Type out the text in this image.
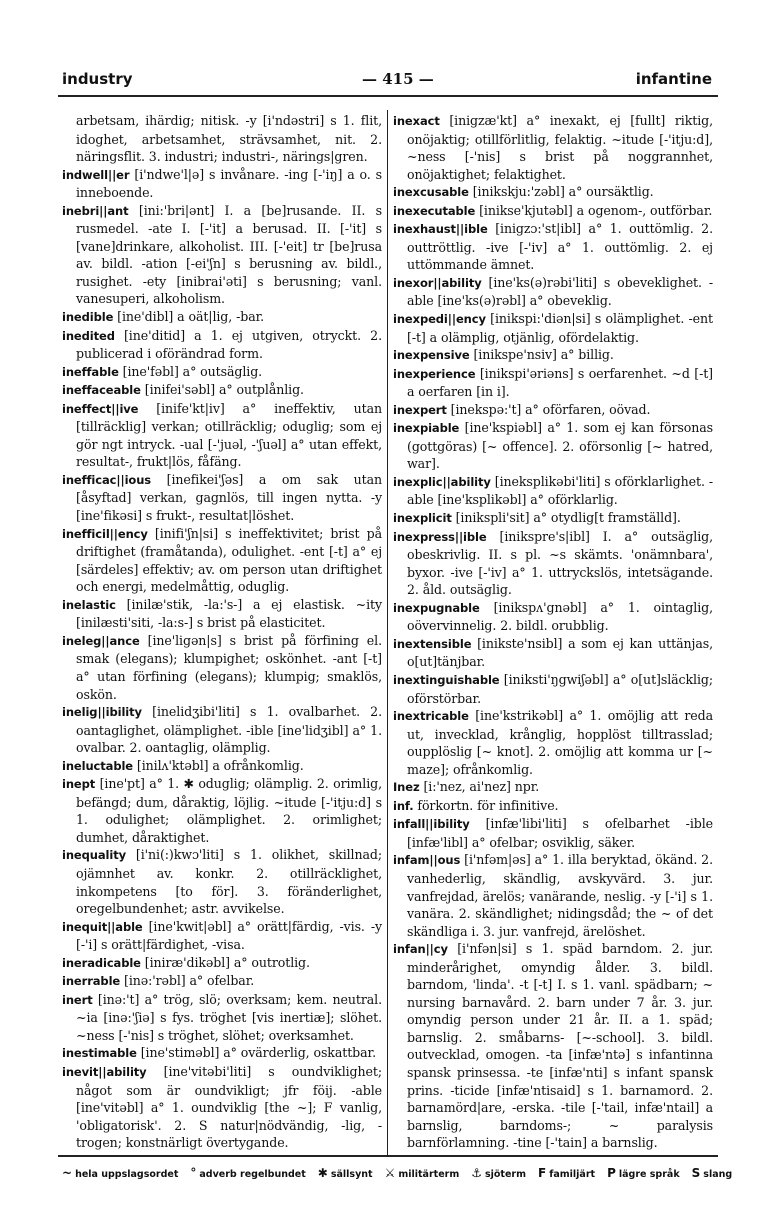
industry	— 415 —	infantine

arbetsam, ihärdig; nitisk. -y [i'ndəstri] s 1. flit, idoghet, arbetsamhet, strävsamhet, nit. 2. näringsflit. 3. industri; industri-, närings|gren.

indwell||er [i'ndwe'l|ə] s invånare. -ing [-'iŋ] a o. s inneboende.

inebri||ant [ini:'bri|ənt] I. a [be]rusande. II. s rusmedel. -ate I. [-'it] a berusad. II. [-'it] s [vane]drinkare, alkoholist. III. [-'eit] tr [be]rusa av. bildl. -ation [-ei'ʃn] s berusning av. bildl., rusighet. -ety [inibrai'əti] s berusning; vanl. vanesuperi, alkoholism.

inedible [ine'dibl] a oät|lig, -bar.

inedited [ine'ditid] a 1. ej utgiven, otryckt. 2. publicerad i oförändrad form.

ineffable [ine'fəbl] a° outsäglig.

ineffaceable [inifei'səbl] a° outplånlig.

ineffect||ive [inife'kt|iv] a° ineffektiv, utan [tillräcklig] verkan; otillräcklig; oduglig; som ej gör ngt intryck. -ual [-'juəl, -'ʃuəl] a° utan effekt, resultat-, frukt|lös, fåfäng.

inefficac||ious [inefikei'ʃəs] a om sak utan [åsyftad] verkan, gagnlös, till ingen nytta. -y [ine'fikəsi] s frukt-, resultat|löshet.

inefficil||ency [inifi'ʃn|si] s ineffektivitet; brist på driftighet (framåtanda), odulighet. -ent [-t] a° ej [särdeles] effektiv; av. om person utan driftighet och energi, medelmåttig, oduglig.

inelastic [inilæ'stik, -la:'s-] a ej elastisk. ~ity [inilæsti'siti, -la:s-] s brist på elasticitet.

ineleg||ance [ine'ligən|s] s brist på förfining el. smak (elegans); klumpighet; oskönhet. -ant [-t] a° utan förfining (elegans); klumpig; smaklös, oskön.

inelig||ibility [inelidʒibi'liti] s 1. ovalbarhet. 2. oantaglighet, olämplighet. -ible [ine'lidʒibl] a° 1. ovalbar. 2. oantaglig, olämplig.

ineluctable [inilʌ'ktəbl] a ofrånkomlig.

inept [ine'pt] a° 1. ✱ oduglig; olämplig. 2. orimlig, befängd; dum, dåraktig, löjlig. ~itude [-'itju:d] s 1. odulighet; olämplighet. 2. orimlighet; dumhet, dåraktighet.

inequality [i'ni(:)kwɔ'liti] s 1. olikhet, skillnad; ojämnhet av. konkr. 2. otillräcklighet, inkompetens [to för]. 3. föränderlighet, oregelbundenhet; astr. avvikelse.

inequit||able [ine'kwit|əbl] a° orätt|färdig, -vis. -y [-'i] s orätt|färdighet, -visa.

ineradicable [iniræ'dikəbl] a° outrotlig.

inerrable [inə:'rəbl] a° ofelbar.

inert [inə:'t] a° trög, slö; overksam; kem. neutral. ~ia [inə:'ʃiə] s fys. tröghet [vis inertiæ]; slöhet. ~ness [-'nis] s tröghet, slöhet; overksamhet.

inestimable [ine'stiməbl] a° ovärderlig, oskattbar.

inevit||ability [ine'vitəbi'liti] s oundviklighet; något som är oundvikligt; jfr föij. -able [ine'vitəbl] a° 1. oundviklig [the ~]; F vanlig, 'obligatorisk'. 2. S natur|nödvändig, -lig, -trogen; konstnärligt övertygande.

inexact [inigzæ'kt] a° inexakt, ej [fullt] riktig, onöjaktig; otillförlitlig, felaktig. ~itude [-'itju:d], ~ness [-'nis] s brist på noggrannhet, onöjaktighet; felaktighet.

inexcusable [inikskju:'zəbl] a° oursäktlig.

inexecutable [inikse'kjutəbl] a ogenom-, outförbar.

inexhaust||ible [inigzɔ:'st|ibl] a° 1. outtömlig. 2. outtröttlig. -ive [-'iv] a° 1. outtömlig. 2. ej uttömmande ämnet.

inexor||ability [ine'ks(ə)rəbi'liti] s obeveklighet. -able [ine'ks(ə)rəbl] a° obeveklig.

inexpedi||ency [inikspi:'diən|si] s olämplighet. -ent [-t] a olämplig, otjänlig, ofördelaktig.

inexpensive [inikspe'nsiv] a° billig.

inexperience [inikspi'əriəns] s oerfarenhet. ~d [-t] a oerfaren [in i].

inexpert [inekspə:'t] a° oförfaren, oövad.

inexpiable [ine'kspiəbl] a° 1. som ej kan försonas (gottgöras) [~ offence]. 2. oförsonlig [~ hatred, war].

inexplic||ability [ineksplikəbi'liti] s oförklarlighet. -able [ine'ksplikəbl] a° oförklarlig.

inexplicit [inikspli'sit] a° otydlig[t framställd].

inexpress||ible [inikspre's|ibl] I. a° outsäglig, obeskrivlig. II. s pl. ~s skämts. 'onämnbara', byxor. -ive [-'iv] a° 1. uttryckslös, intetsägande. 2. åld. outsäglig.

inexpugnable [inikspʌ'gnəbl] a° 1. ointaglig, oövervinnelig. 2. bildl. orubblig.

inextensible [inikste'nsibl] a som ej kan uttänjas, o[ut]tänjbar.

inextinguishable [iniksti'ŋgwiʃəbl] a° o[ut]släcklig; oförstörbar.

inextricable [ine'kstrikəbl] a° 1. omöjlig att reda ut, invecklad, krånglig, hopplöst tilltrasslad; oupplöslig [~ knot]. 2. omöjlig att komma ur [~ maze]; ofrånkomlig.

Inez [i:'nez, ai'nez] npr.

inf. förkortn. för infinitive.

infall||ibility [infæ'libi'liti] s ofelbarhet -ible [infæ'libl] a° ofelbar; osviklig, säker.

infam||ous [i'nfəm|əs] a° 1. illa beryktad, ökänd. 2. vanhederlig, skändlig, avskyvärd. 3. jur. vanfrejdad, ärelös; vanärande, neslig. -y [-'i] s 1. vanära. 2. skändlighet; nidingsdåd; the ~ of det skändliga i. 3. jur. vanfrejd, ärelöshet.

infan||cy [i'nfən|si] s 1. späd barndom. 2. jur. minderårighet, omyndig ålder. 3. bildl. barndom, 'linda'. -t [-t] I. s 1. vanl. spädbarn; ~ nursing barnavård. 2. barn under 7 år. 3. jur. omyndig person under 21 år. II. a 1. späd; barnslig. 2. småbarns- [~-school]. 3. bildl. outvecklad, omogen. -ta [infæ'ntə] s infantinna spansk prinsessa. -te [infæ'nti] s infant spansk prins. -ticide [infæ'ntisaid] s 1. barnamord. 2. barnamörd|are, -erska. -tile [-'tail, infæ'ntail] a barnslig, barndoms-; ~ paralysis barnförlamning. -tine [-'tain] a barnslig.

~ hela uppslagsordet ° adverb regelbundet ✱ sällsynt ⚔ militärterm ⚓ sjöterm F familjärt P lägre språk S slang
